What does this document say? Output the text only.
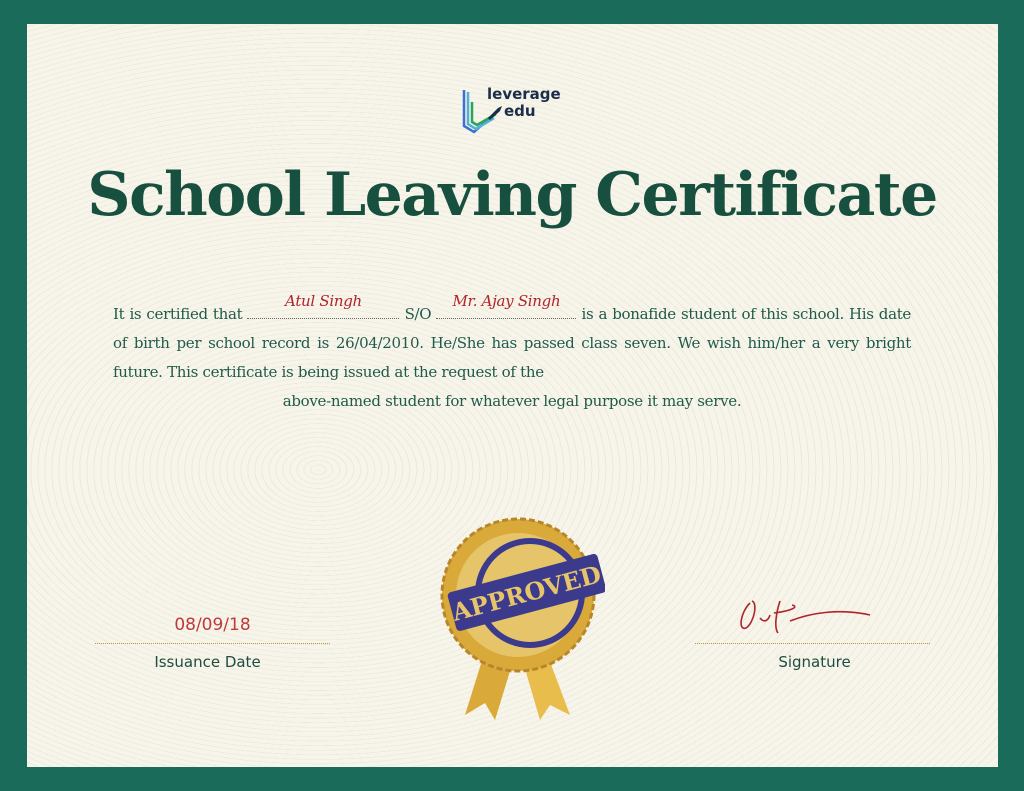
leverage
edu
School Leaving Certificate
It is certified that
Atul Singh
S/O
Mr. Ajay Singh
is a bonafide student of this school. His date of birth per school record is 26/04/2010. He/She has passed class seven. We wish him/her a very bright future. This certificate is being issued at the request of the
above-named student for whatever legal purpose it may serve.
08/09/18
Issuance Date	Signature
APPROVED
